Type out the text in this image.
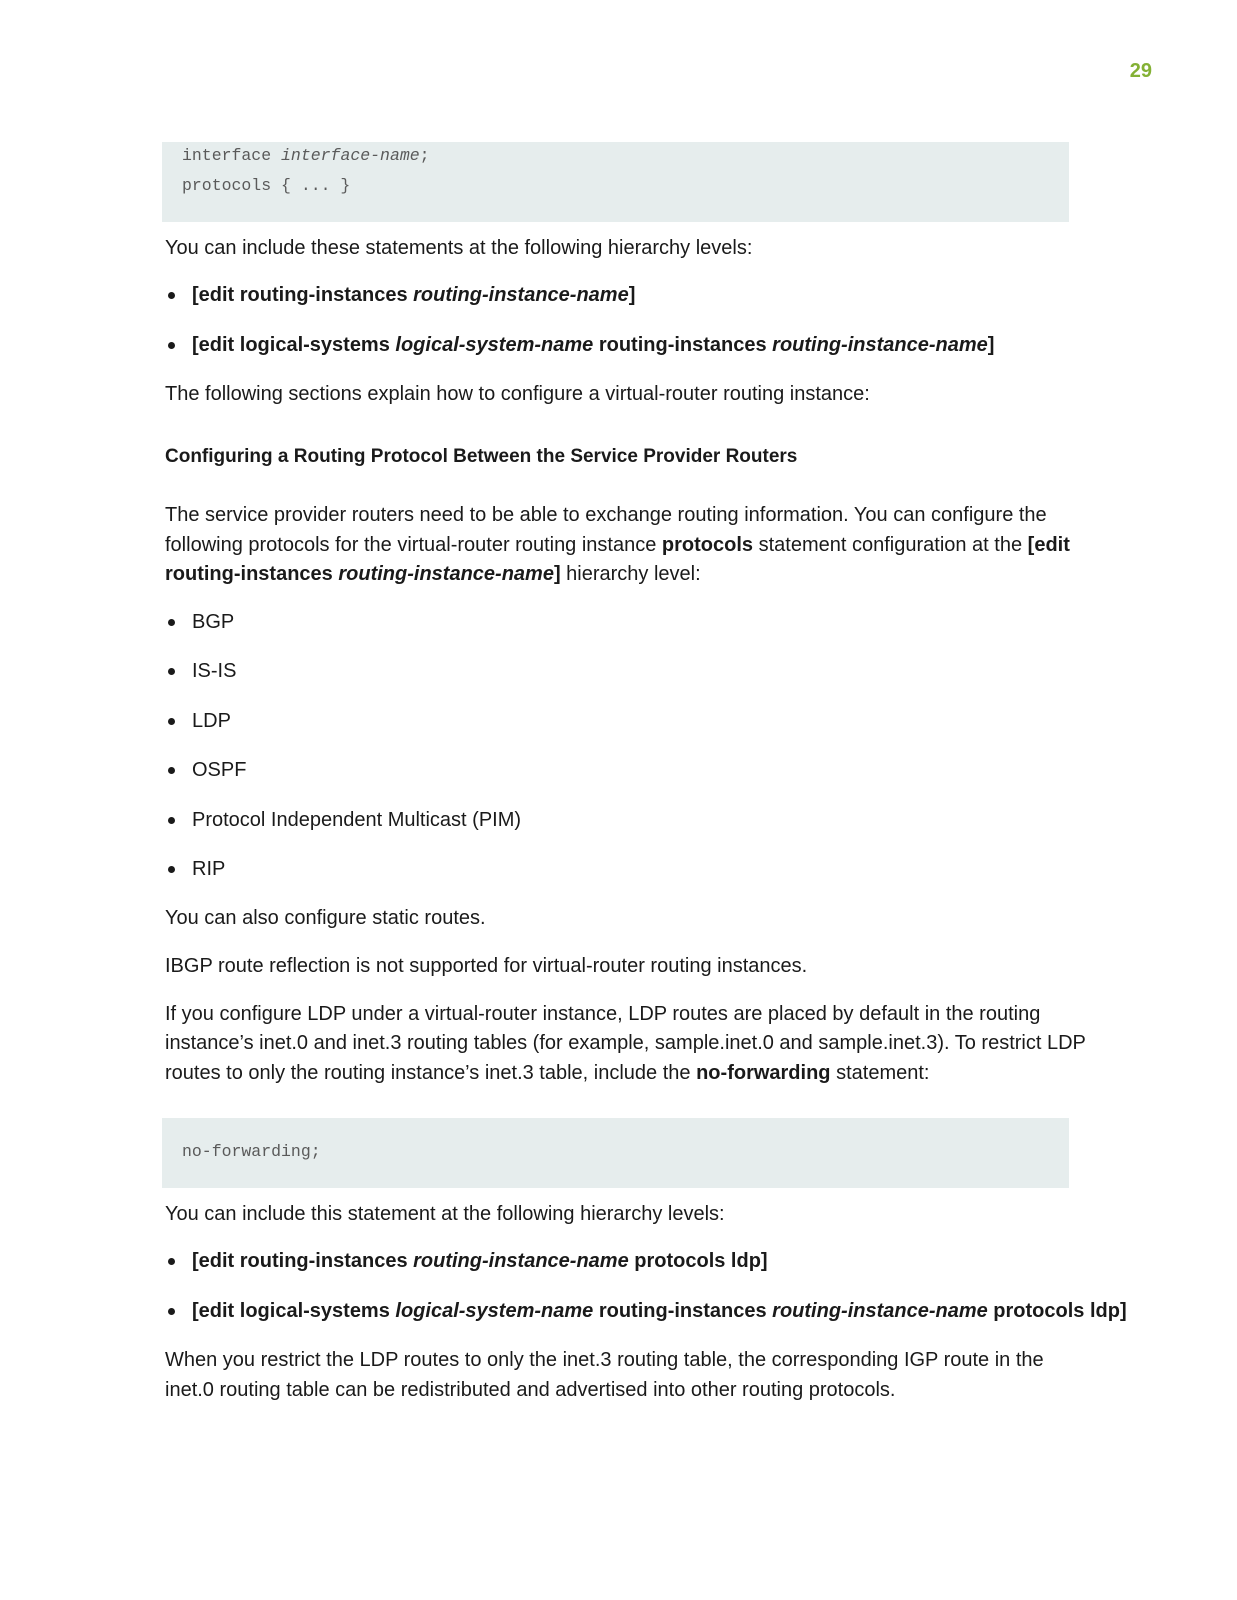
29
interface interface-name;
protocols { ... }
You can include these statements at the following hierarchy levels:
[edit routing-instances routing-instance-name]
[edit logical-systems logical-system-name routing-instances routing-instance-name]
The following sections explain how to configure a virtual-router routing instance:
Configuring a Routing Protocol Between the Service Provider Routers
The service provider routers need to be able to exchange routing information. You can configure the
following protocols for the virtual-router routing instance protocols statement configuration at the [edit
routing-instances routing-instance-name] hierarchy level:
BGP
IS-IS
LDP
OSPF
Protocol Independent Multicast (PIM)
RIP
You can also configure static routes.
IBGP route reflection is not supported for virtual-router routing instances.
If you configure LDP under a virtual-router instance, LDP routes are placed by default in the routing
instance’s inet.0 and inet.3 routing tables (for example, sample.inet.0 and sample.inet.3). To restrict LDP
routes to only the routing instance’s inet.3 table, include the no-forwarding statement:
no-forwarding;
You can include this statement at the following hierarchy levels:
[edit routing-instances routing-instance-name protocols ldp]
[edit logical-systems logical-system-name routing-instances routing-instance-name protocols ldp]
When you restrict the LDP routes to only the inet.3 routing table, the corresponding IGP route in the
inet.0 routing table can be redistributed and advertised into other routing protocols.
